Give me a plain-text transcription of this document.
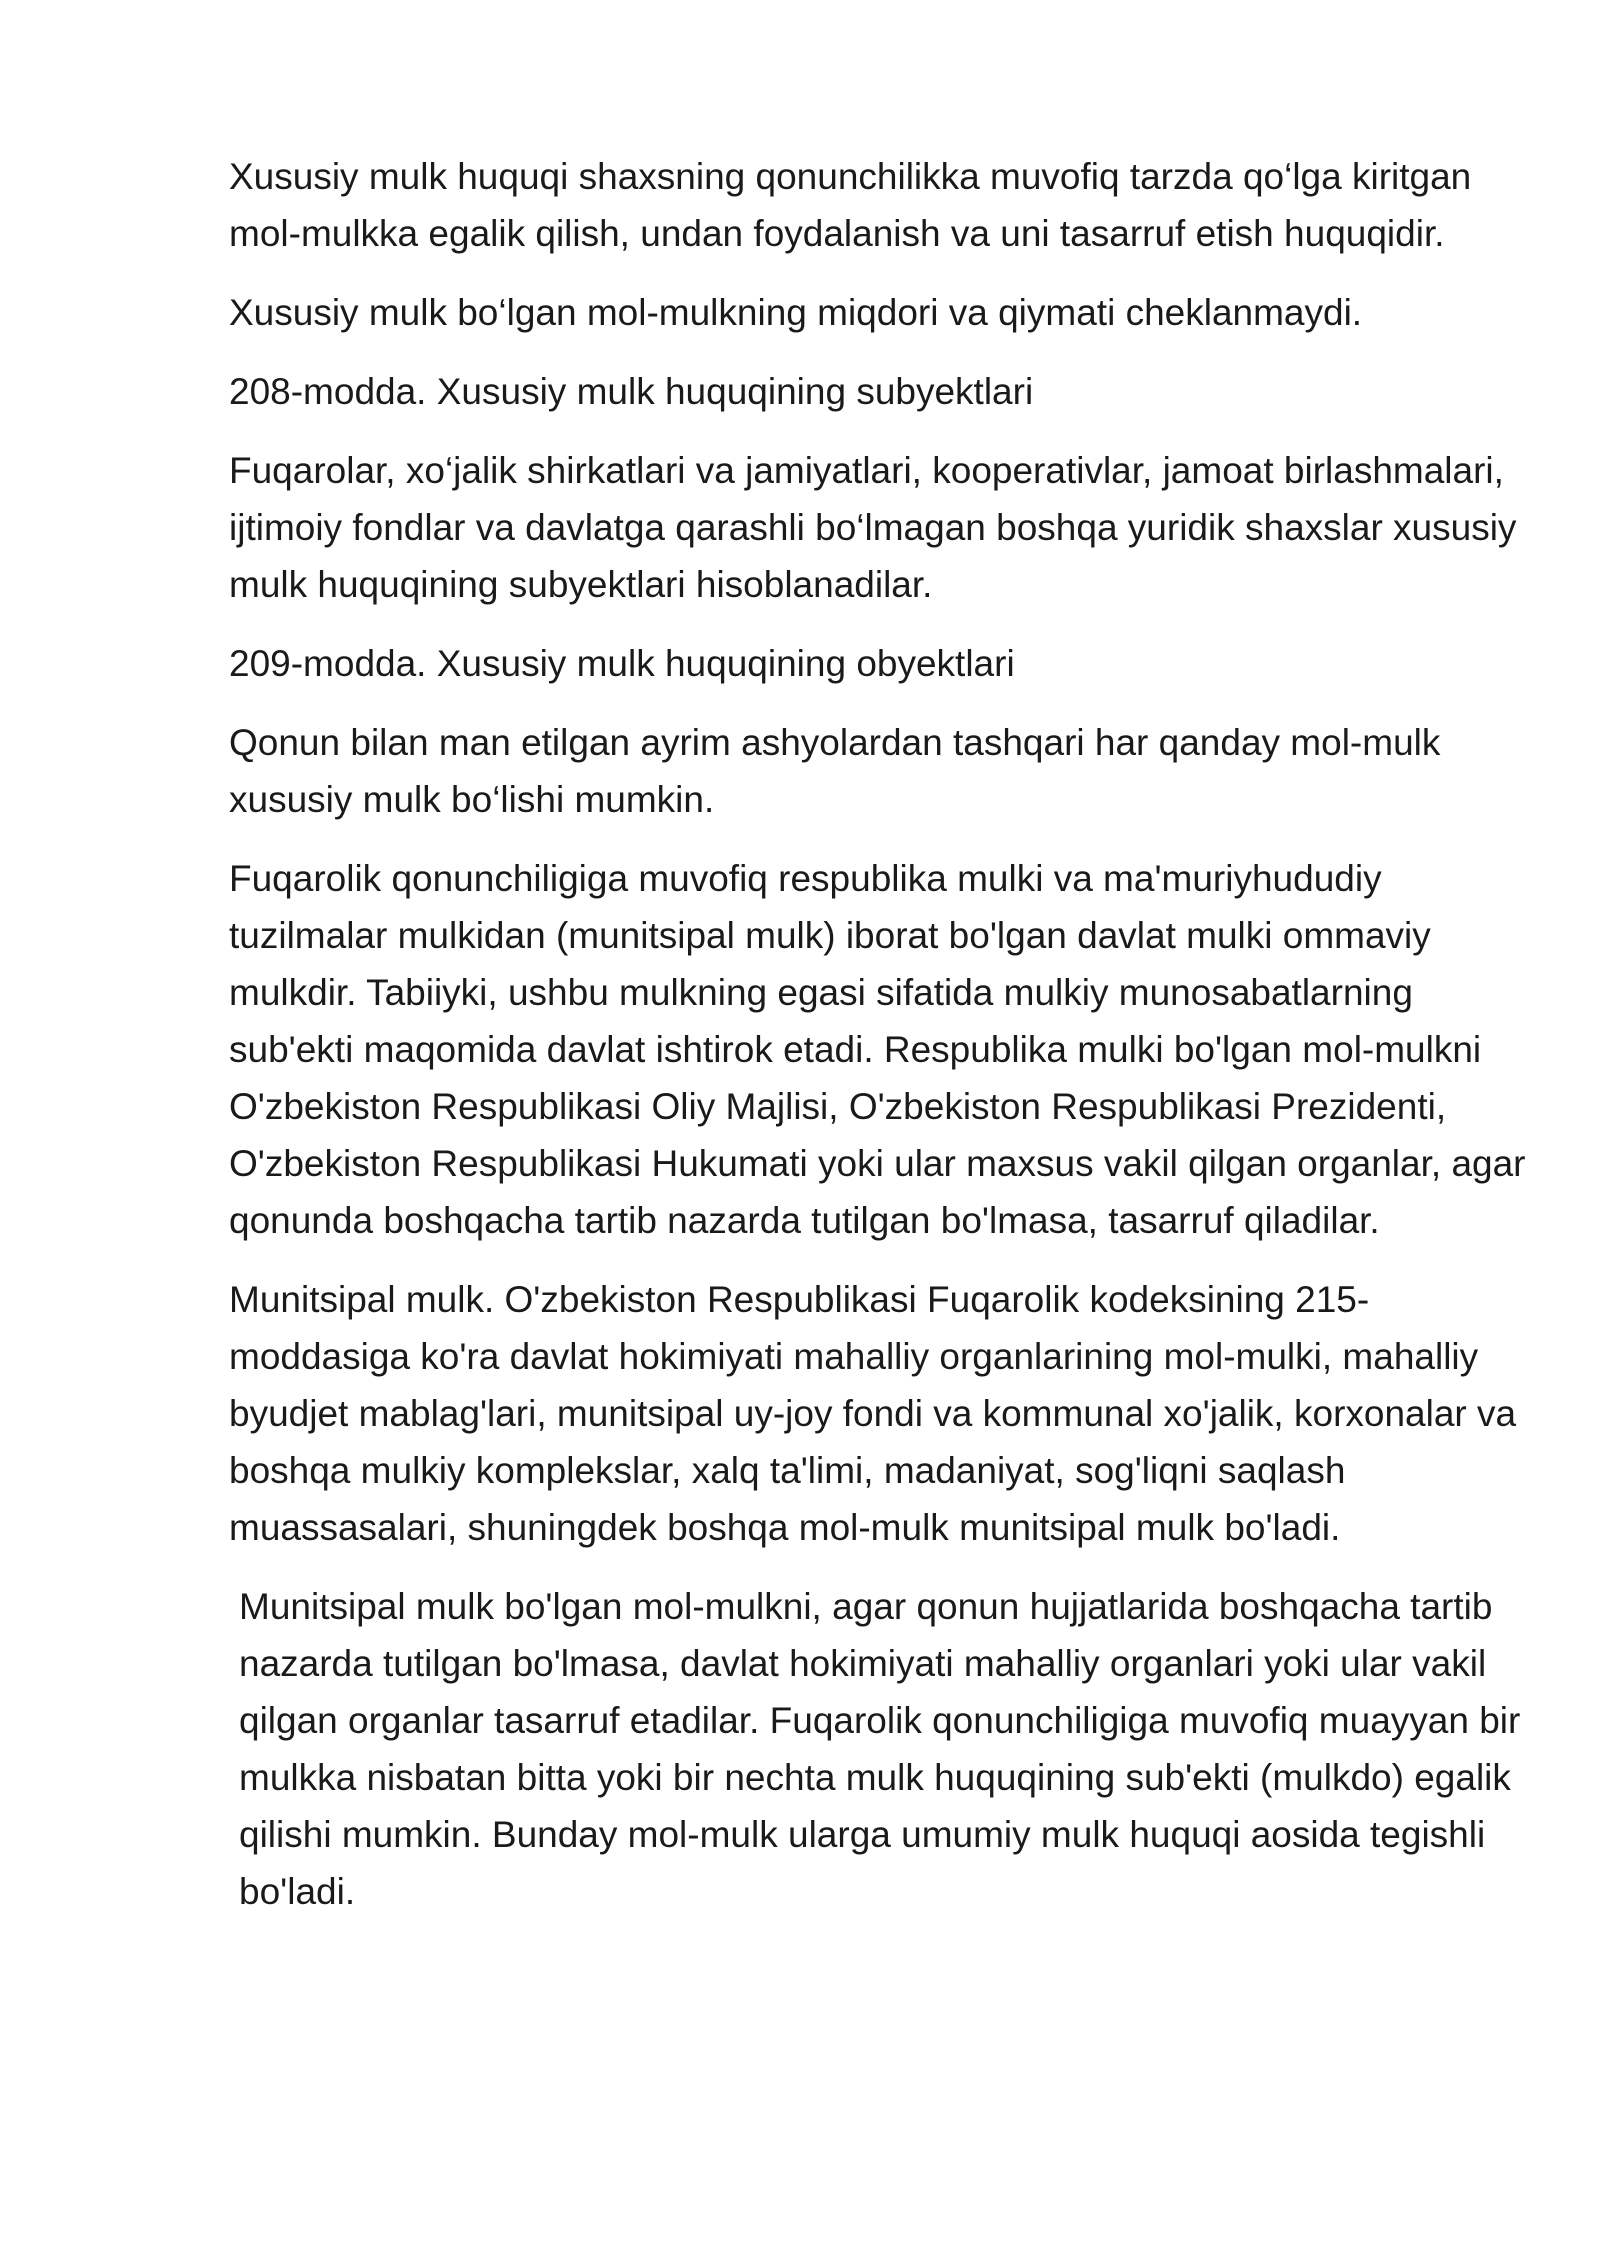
Xususiy mulk huquqi shaxsning qonunchilikka muvofiq tarzda qo‘lga kiritgan mol-mulkka egalik qilish, undan foydalanish va uni tasarruf etish huquqidir.

Xususiy mulk bo‘lgan mol-mulkning miqdori va qiymati cheklanmaydi.

208-modda. Xususiy mulk huquqining subyektlari

Fuqarolar, xo‘jalik shirkatlari va jamiyatlari, kooperativlar, jamoat birlashmalari, ijtimoiy fondlar va davlatga qarashli bo‘lmagan boshqa yuridik shaxslar xususiy mulk huquqining subyektlari hisoblanadilar.

209-modda. Xususiy mulk huquqining obyektlari

Qonun bilan man etilgan ayrim ashyolardan tashqari har qanday mol-mulk xususiy mulk bo‘lishi mumkin.

Fuqarolik qonunchiligiga muvofiq respublika mulki va ma'muriyhududiy tuzilmalar mulkidan (munitsipal mulk) iborat bo'lgan davlat mulki ommaviy mulkdir. Tabiiyki, ushbu mulkning egasi sifatida mulkiy munosabatlarning sub'ekti maqomida davlat ishtirok etadi. Respublika mulki bo'lgan mol-mulkni O'zbekiston Respublikasi Oliy Majlisi, O'zbekiston Respublikasi Prezidenti, O'zbekiston Respublikasi Hukumati yoki ular maxsus vakil qilgan organlar, agar qonunda boshqacha tartib nazarda tutilgan bo'lmasa, tasarruf qiladilar.

Munitsipal mulk. O'zbekiston Respublikasi Fuqarolik kodeksining 215-moddasiga ko'ra davlat hokimiyati mahalliy organlarining mol-mulki, mahalliy byudjet mablag'lari, munitsipal uy-joy fondi va kommunal xo'jalik, korxonalar va boshqa mulkiy komplekslar, xalq ta'limi, madaniyat, sog'liqni saqlash muassasalari, shuningdek boshqa mol-mulk munitsipal mulk bo'ladi.

Munitsipal mulk bo'lgan mol-mulkni, agar qonun hujjatlarida boshqacha tartib nazarda tutilgan bo'lmasa, davlat hokimiyati mahalliy organlari yoki ular vakil qilgan organlar tasarruf etadilar. Fuqarolik qonunchiligiga muvofiq muayyan bir mulkka nisbatan bitta yoki bir nechta mulk huquqining sub'ekti (mulkdo) egalik qilishi mumkin. Bunday mol-mulk ularga umumiy mulk huquqi aosida tegishli bo'ladi.
